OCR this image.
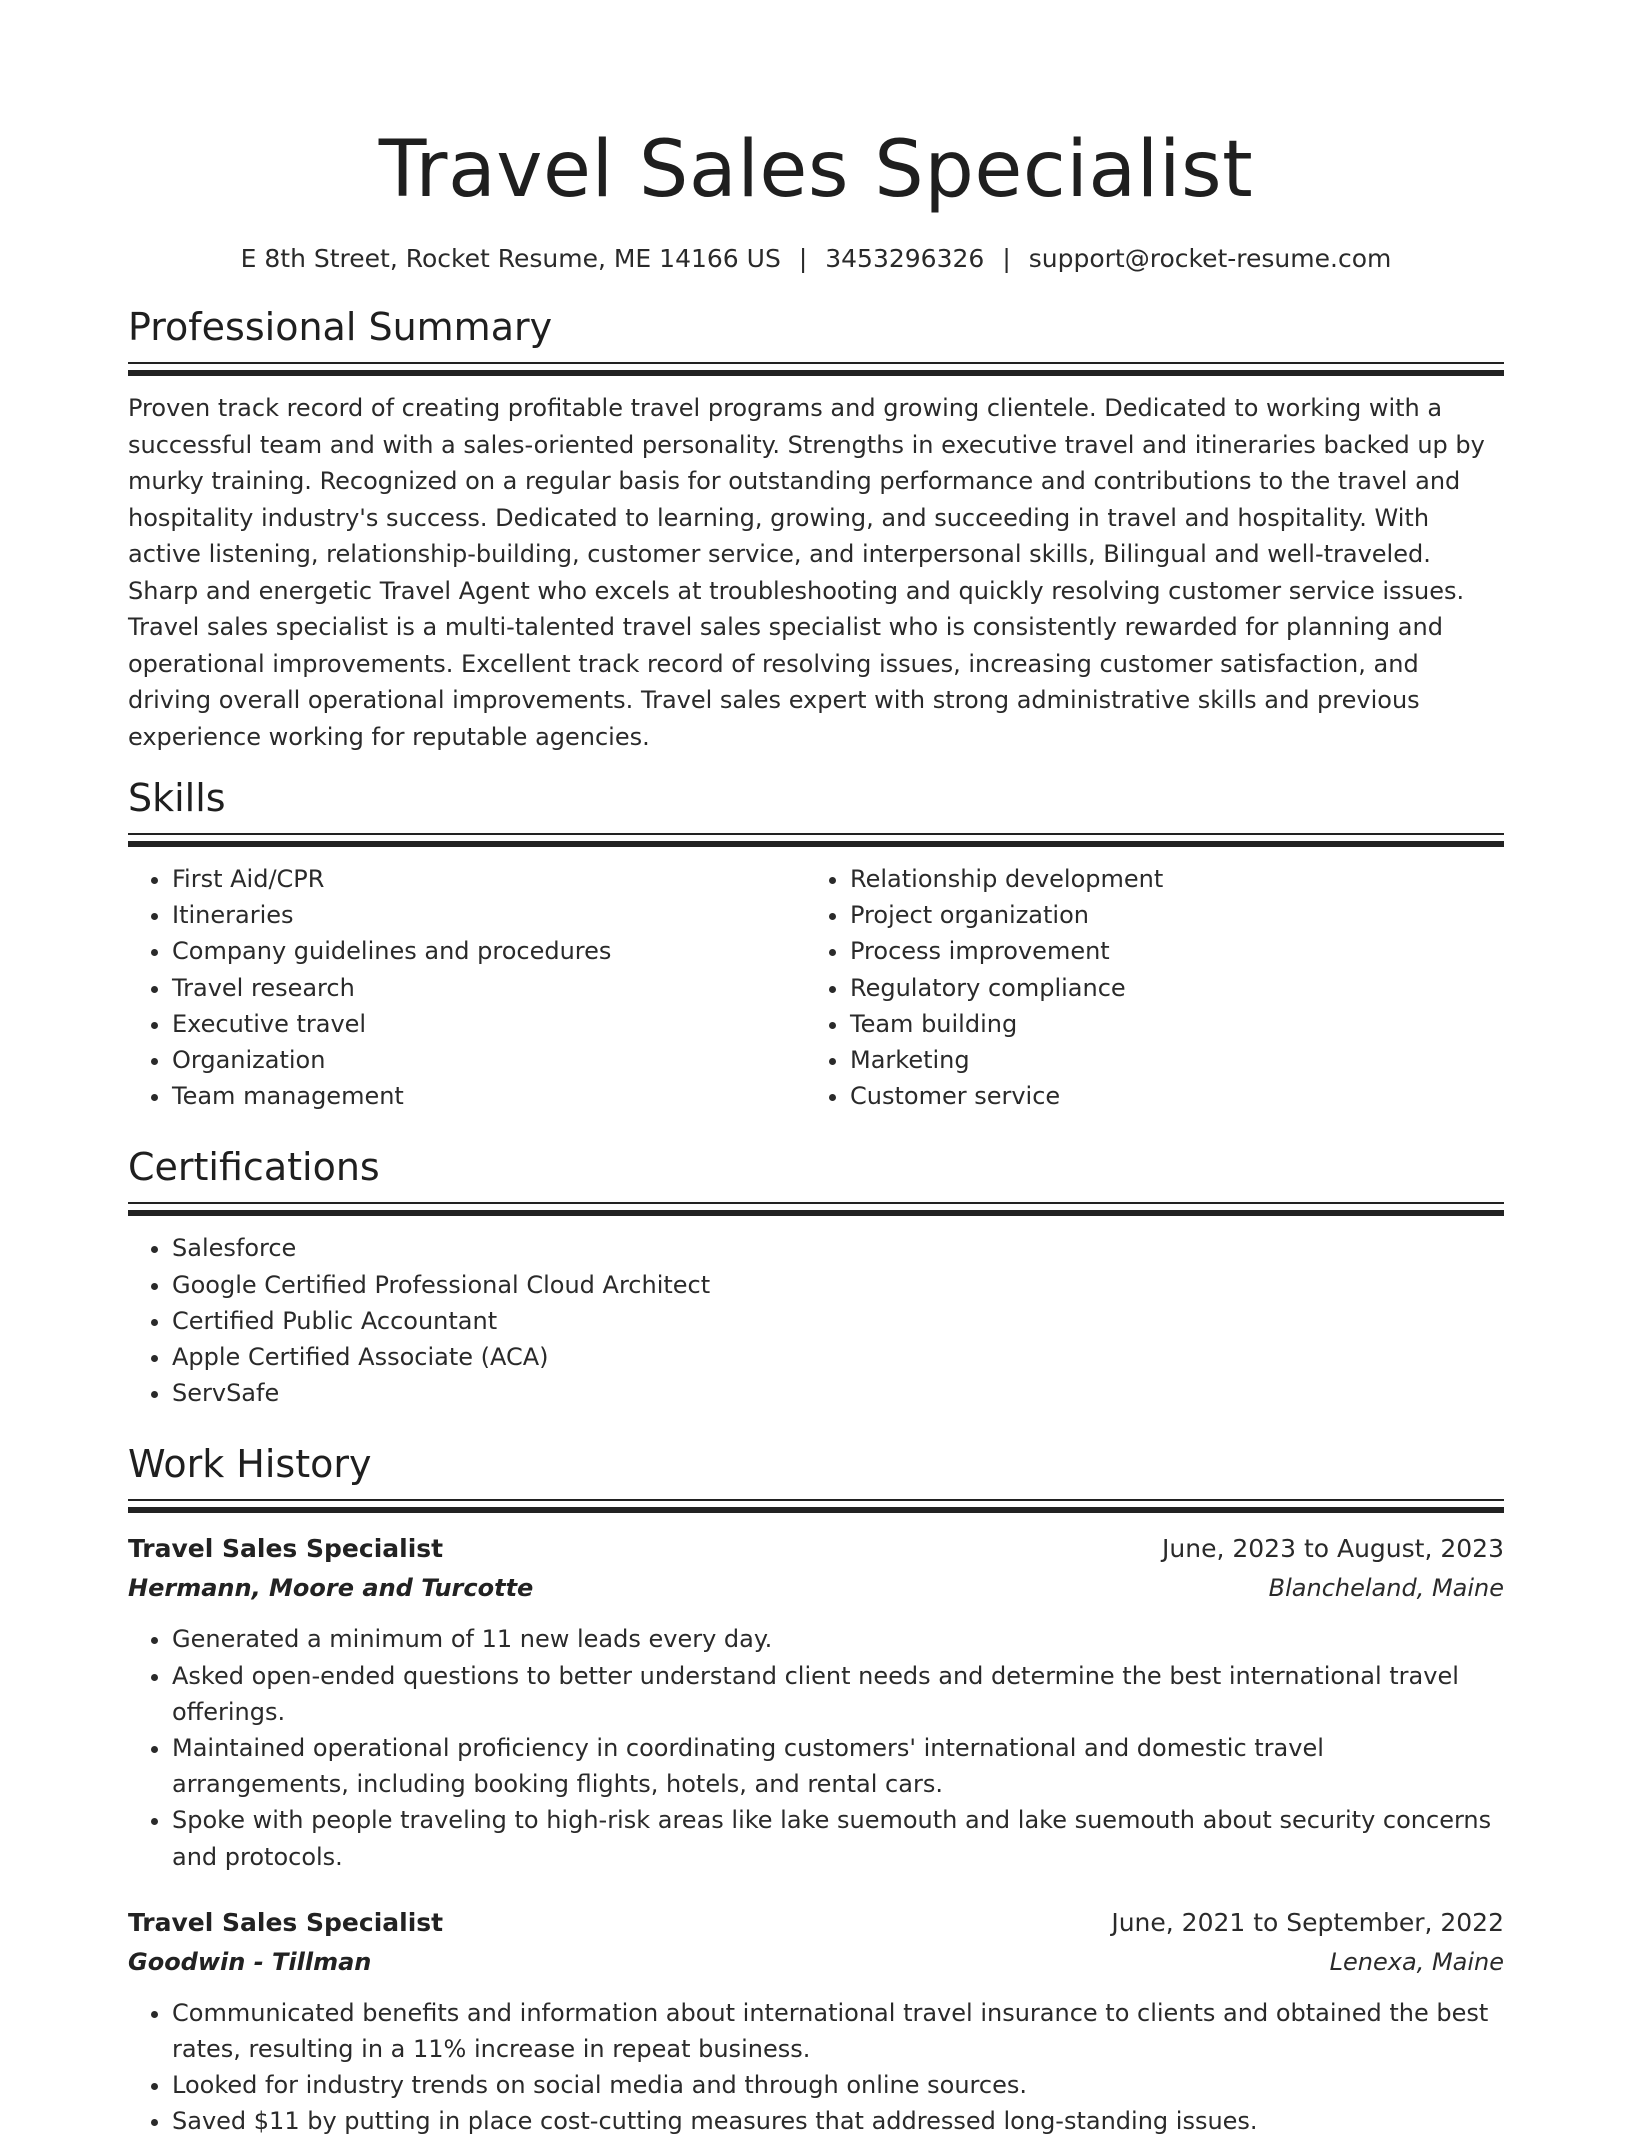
Travel Sales Specialist
E 8th Street, Rocket Resume, ME 14166 US | 3453296326 | support@rocket-resume.com
Professional Summary

Proven track record of creating profitable travel programs and growing clientele. Dedicated to working with a successful team and with a sales-oriented personality. Strengths in executive travel and itineraries backed up by murky training. Recognized on a regular basis for outstanding performance and contributions to the travel and hospitality industry's success. Dedicated to learning, growing, and succeeding in travel and hospitality. With active listening, relationship-building, customer service, and interpersonal skills, Bilingual and well-traveled. Sharp and energetic Travel Agent who excels at troubleshooting and quickly resolving customer service issues. Travel sales specialist is a multi-talented travel sales specialist who is consistently rewarded for planning and operational improvements. Excellent track record of resolving issues, increasing customer satisfaction, and driving overall operational improvements. Travel sales expert with strong administrative skills and previous experience working for reputable agencies.

Skills
• First Aid/CPR
• Itineraries
• Company guidelines and procedures
• Travel research
• Executive travel
• Organization
• Team management
• Relationship development
• Project organization
• Process improvement
• Regulatory compliance
• Team building
• Marketing
• Customer service
Certifications
• Salesforce
• Google Certified Professional Cloud Architect
• Certified Public Accountant
• Apple Certified Associate (ACA)
• ServSafe
Work History
Travel Sales Specialist	June, 2023 to August, 2023
Hermann, Moore and Turcotte	Blancheland, Maine
• Generated a minimum of 11 new leads every day.
• Asked open-ended questions to better understand client needs and determine the best international travel offerings.
• Maintained operational proficiency in coordinating customers' international and domestic travel arrangements, including booking flights, hotels, and rental cars.
• Spoke with people traveling to high-risk areas like lake suemouth and lake suemouth about security concerns and protocols.
Travel Sales Specialist	June, 2021 to September, 2022
Goodwin - Tillman	Lenexa, Maine
• Communicated benefits and information about international travel insurance to clients and obtained the best rates, resulting in a 11% increase in repeat business.
• Looked for industry trends on social media and through online sources.
• Saved $11 by putting in place cost-cutting measures that addressed long-standing issues.
